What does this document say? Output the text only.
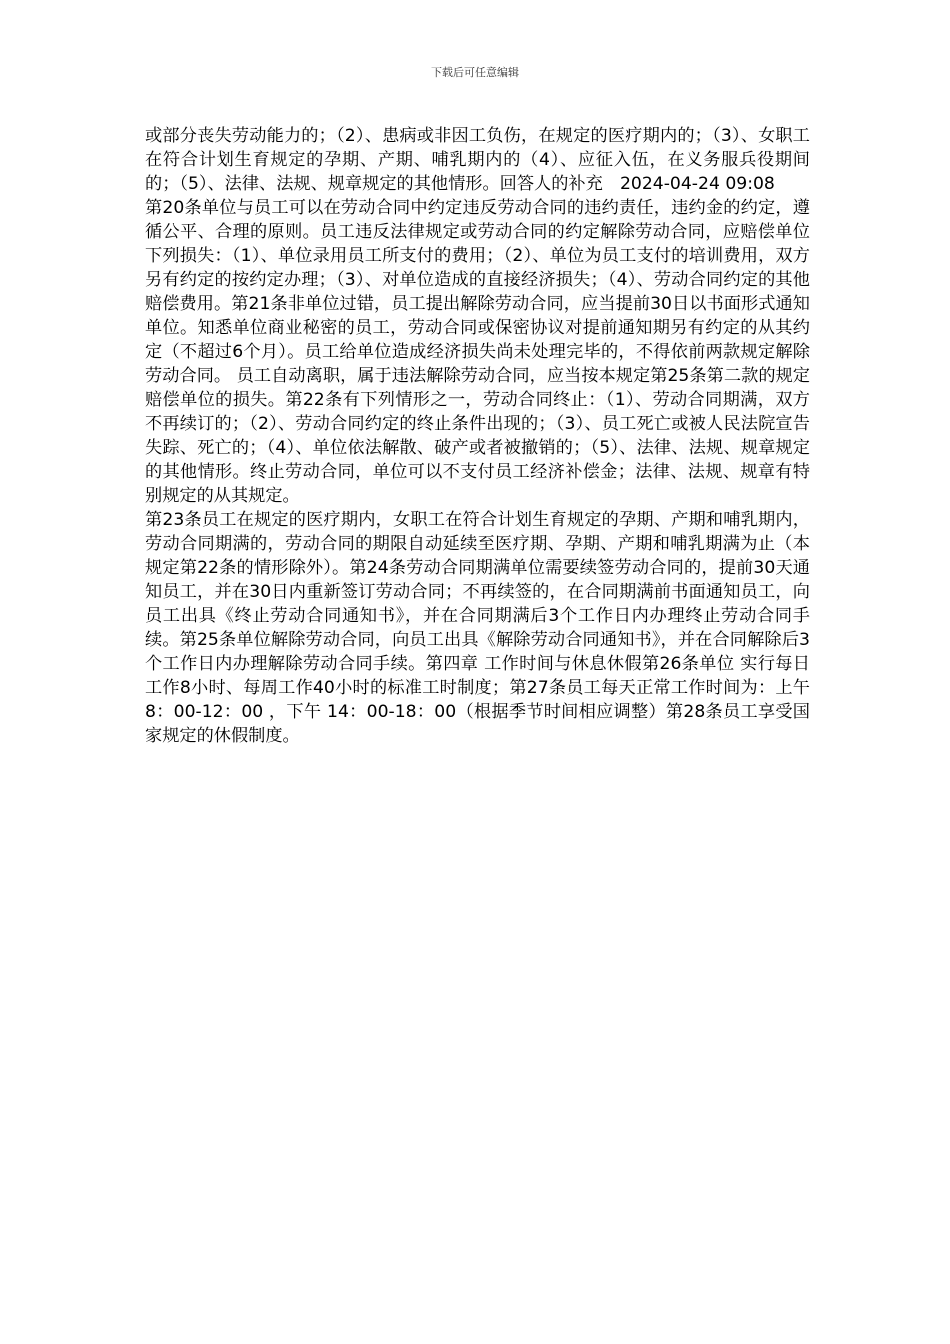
下载后可任意编辑

或部分丧失劳动能力的；（2）、患病或非因工负伤，在规定的医疗期内的；（3）、女职工在符合计划生育规定的孕期、产期、哺乳期内的（4）、应征入伍，在义务服兵役期间的；（5）、法律、法规、规章规定的其他情形。回答人的补充　2024-04-24 09:08

第20条单位与员工可以在劳动合同中约定违反劳动合同的违约责任，违约金的约定，遵循公平、合理的原则。员工违反法律规定或劳动合同的约定解除劳动合同，应赔偿单位下列损失：（1）、单位录用员工所支付的费用；（2）、单位为员工支付的培训费用，双方另有约定的按约定办理；（3）、对单位造成的直接经济损失；（4）、劳动合同约定的其他赔偿费用。第21条非单位过错，员工提出解除劳动合同，应当提前30日以书面形式通知单位。知悉单位商业秘密的员工，劳动合同或保密协议对提前通知期另有约定的从其约定（不超过6个月）。员工给单位造成经济损失尚未处理完毕的，不得依前两款规定解除劳动合同。 员工自动离职，属于违法解除劳动合同，应当按本规定第25条第二款的规定赔偿单位的损失。第22条有下列情形之一，劳动合同终止：（1）、劳动合同期满，双方不再续订的；（2）、劳动合同约定的终止条件出现的；（3）、员工死亡或被人民法院宣告失踪、死亡的；（4）、单位依法解散、破产或者被撤销的；（5）、法律、法规、规章规定的其他情形。终止劳动合同，单位可以不支付员工经济补偿金；法律、法规、规章有特别规定的从其规定。

第23条员工在规定的医疗期内，女职工在符合计划生育规定的孕期、产期和哺乳期内，劳动合同期满的，劳动合同的期限自动延续至医疗期、孕期、产期和哺乳期满为止（本规定第22条的情形除外）。第24条劳动合同期满单位需要续签劳动合同的，提前30天通知员工，并在30日内重新签订劳动合同；不再续签的，在合同期满前书面通知员工，向员工出具《终止劳动合同通知书》，并在合同期满后3个工作日内办理终止劳动合同手续。第25条单位解除劳动合同，向员工出具《解除劳动合同通知书》，并在合同解除后3个工作日内办理解除劳动合同手续。第四章 工作时间与休息休假第26条单位 实行每日工作8小时、每周工作40小时的标准工时制度；第27条员工每天正常工作时间为：上午8：00-12：00 ，下午 14：00-18：00（根据季节时间相应调整）第28条员工享受国家规定的休假制度。
